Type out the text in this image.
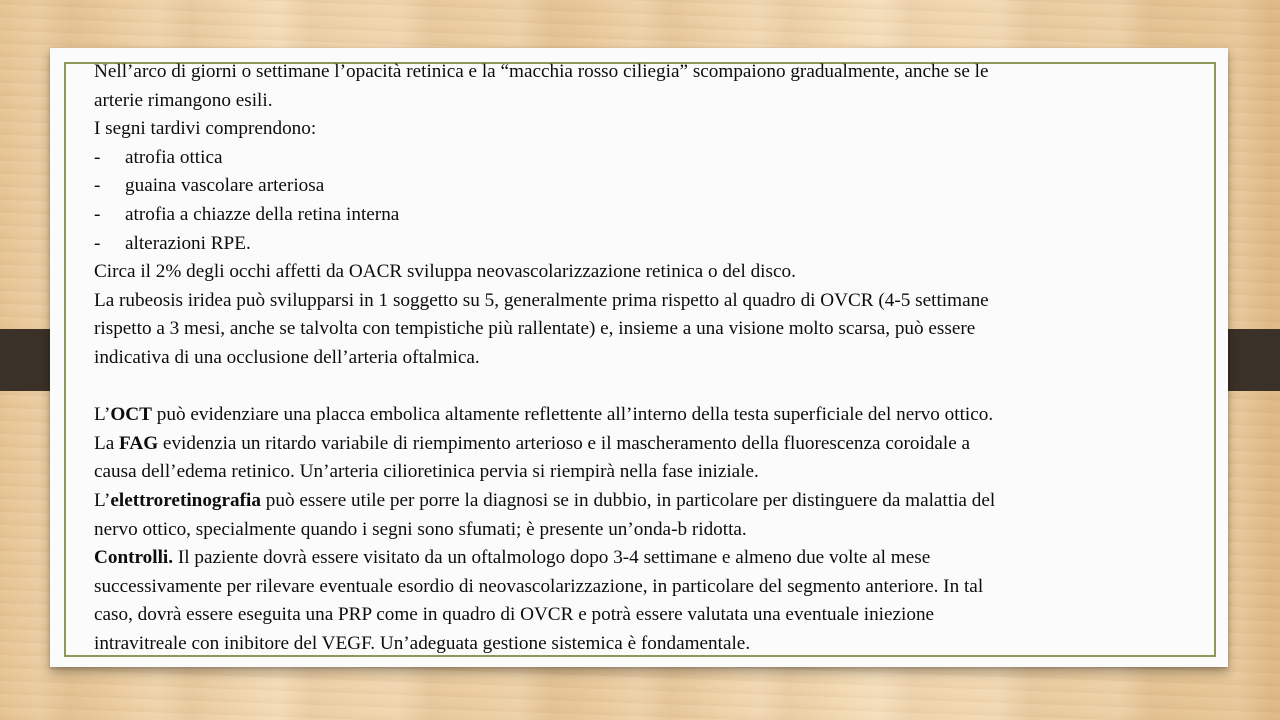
Nell’arco di giorni o settimane l’opacità retinica e la “macchia rosso ciliegia” scompaiono gradualmente, anche se le
arterie rimangono esili.
I segni tardivi comprendono:
- atrofia ottica
- guaina vascolare arteriosa
- atrofia a chiazze della retina interna
- alterazioni RPE.
Circa il 2% degli occhi affetti da OACR sviluppa neovascolarizzazione retinica o del disco.
La rubeosis iridea può svilupparsi in 1 soggetto su 5, generalmente prima rispetto al quadro di OVCR (4-5 settimane
rispetto a 3 mesi, anche se talvolta con tempistiche più rallentate) e, insieme a una visione molto scarsa, può essere
indicativa di una occlusione dell’arteria oftalmica.
L’OCT può evidenziare una placca embolica altamente reflettente all’interno della testa superficiale del nervo ottico.
La FAG evidenzia un ritardo variabile di riempimento arterioso e il mascheramento della fluorescenza coroidale a
causa dell’edema retinico. Un’arteria cilioretinica pervia si riempirà nella fase iniziale.
L’elettroretinografia può essere utile per porre la diagnosi se in dubbio, in particolare per distinguere da malattia del
nervo ottico, specialmente quando i segni sono sfumati; è presente un’onda-b ridotta.
Controlli. Il paziente dovrà essere visitato da un oftalmologo dopo 3-4 settimane e almeno due volte al mese
successivamente per rilevare eventuale esordio di neovascolarizzazione, in particolare del segmento anteriore. In tal
caso, dovrà essere eseguita una PRP come in quadro di OVCR e potrà essere valutata una eventuale iniezione
intravitreale con inibitore del VEGF. Un’adeguata gestione sistemica è fondamentale.
